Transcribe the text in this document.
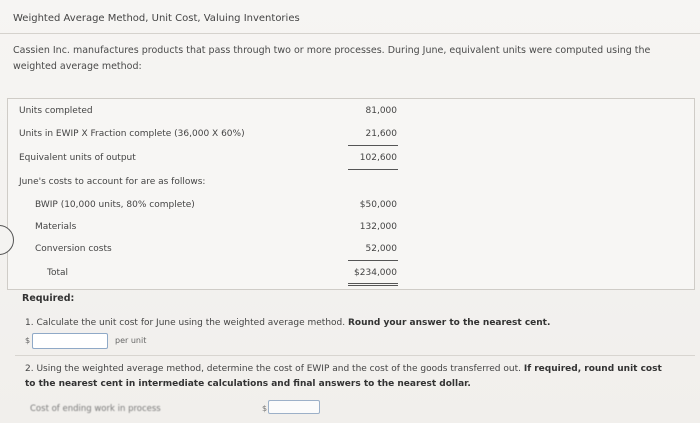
Weighted Average Method, Unit Cost, Valuing Inventories
Cassien Inc. manufactures products that pass through two or more processes. During June, equivalent units were computed using the weighted average method:
Units completed	81,000
Units in EWIP X Fraction complete (36,000 X 60%)	21,600
Equivalent units of output	102,600
June's costs to account for are as follows:
BWIP (10,000 units, 80% complete)	$50,000
Materials	132,000
Conversion costs	52,000
Total	$234,000
Required:
1. Calculate the unit cost for June using the weighted average method. Round your answer to the nearest cent.
$	per unit
2. Using the weighted average method, determine the cost of EWIP and the cost of the goods transferred out. If required, round unit cost to the nearest cent in intermediate calculations and final answers to the nearest dollar.
Cost of ending work in process	$
